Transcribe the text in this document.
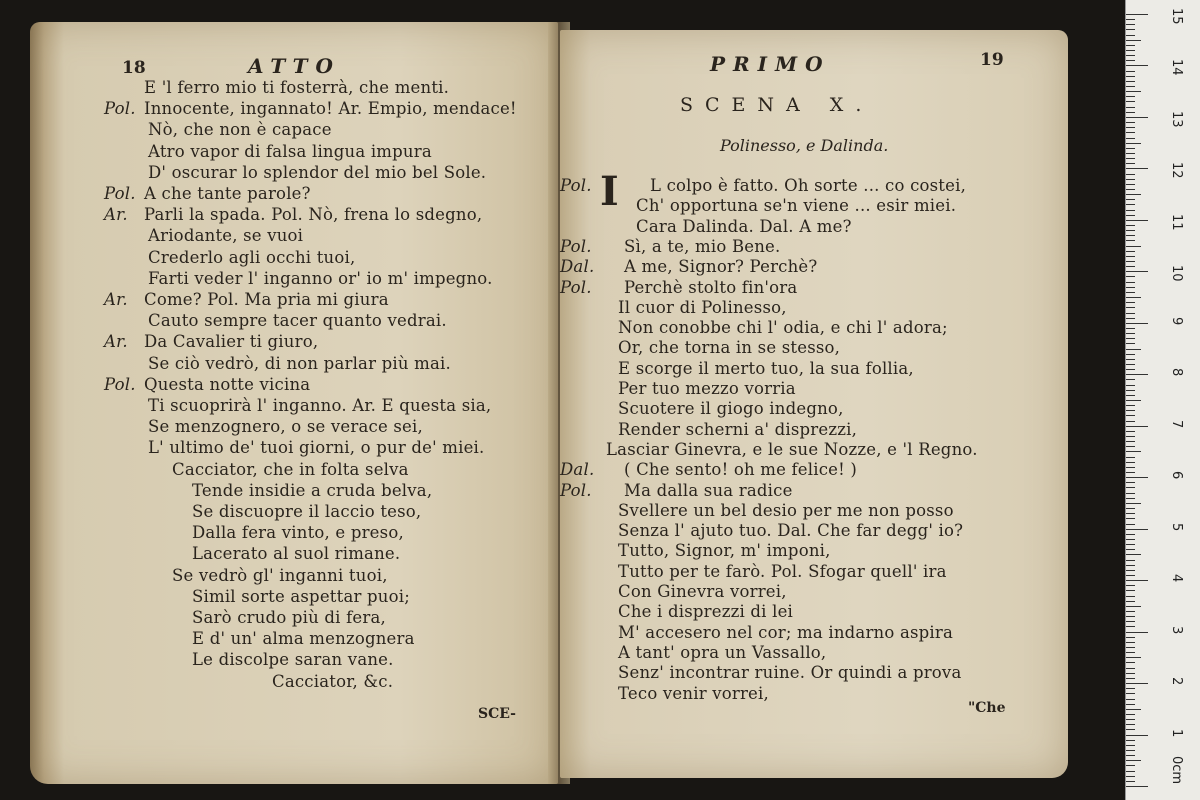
18	ATTO
E 'l ferro mio ti fosterrà, che menti.
Pol. Innocente, ingannato! Ar. Empio, mendace!
Nò, che non è capace
Atro vapor di falsa lingua impura
D' oscurar lo splendor del mio bel Sole.
Pol. A che tante parole?
Ar. Parli la spada. Pol. Nò, frena lo sdegno,
Ariodante, se vuoi
Crederlo agli occhi tuoi,
Farti veder l' inganno or' io m' impegno.
Ar. Come? Pol. Ma pria mi giura
Cauto sempre tacer quanto vedrai.
Ar. Da Cavalier ti giuro,
Se ciò vedrò, di non parlar più mai.
Pol. Questa notte vicina
Ti scuoprirà l' inganno. Ar. E questa sia,
Se menzognero, o se verace sei,
L' ultimo de' tuoi giorni, o pur de' miei.
Cacciator, che in folta selva
Tende insidie a cruda belva,
Se discuopre il laccio teso,
Dalla fera vinto, e preso,
Lacerato al suol rimane.
Se vedrò gl' inganni tuoi,
Simil sorte aspettar puoi;
Sarò crudo più di fera,
E d' un' alma menzognera
Le discolpe saran vane.
Cacciator, &c.
SCE-
PRIMO	19
SCENA X.
Polinesso, e Dalinda.
I
Pol.	L colpo è fatto. Oh sorte ... co costei,
Ch' opportuna se'n viene ... esir miei.
Cara Dalinda. Dal. A me?
Pol. Sì, a te, mio Bene.
Dal. A me, Signor? Perchè?
Pol. Perchè stolto fin'ora
Il cuor di Polinesso,
Non conobbe chi l' odia, e chi l' adora;
Or, che torna in se stesso,
E scorge il merto tuo, la sua follia,
Per tuo mezzo vorria
Scuotere il giogo indegno,
Render scherni a' disprezzi,
Lasciar Ginevra, e le sue Nozze, e 'l Regno.
Dal. ( Che sento! oh me felice! )
Pol. Ma dalla sua radice
Svellere un bel desio per me non posso
Senza l' ajuto tuo. Dal. Che far degg' io?
Tutto, Signor, m' imponi,
Tutto per te farò. Pol. Sfogar quell' ira
Con Ginevra vorrei,
Che i disprezzi di lei
M' accesero nel cor; ma indarno aspira
A tant' opra un Vassallo,
Senz' incontrar ruine. Or quindi a prova
Teco venir vorrei,
"Che
0cm
1
2
3
4
5
6
7
8
9
10
11
12
13
14
15
